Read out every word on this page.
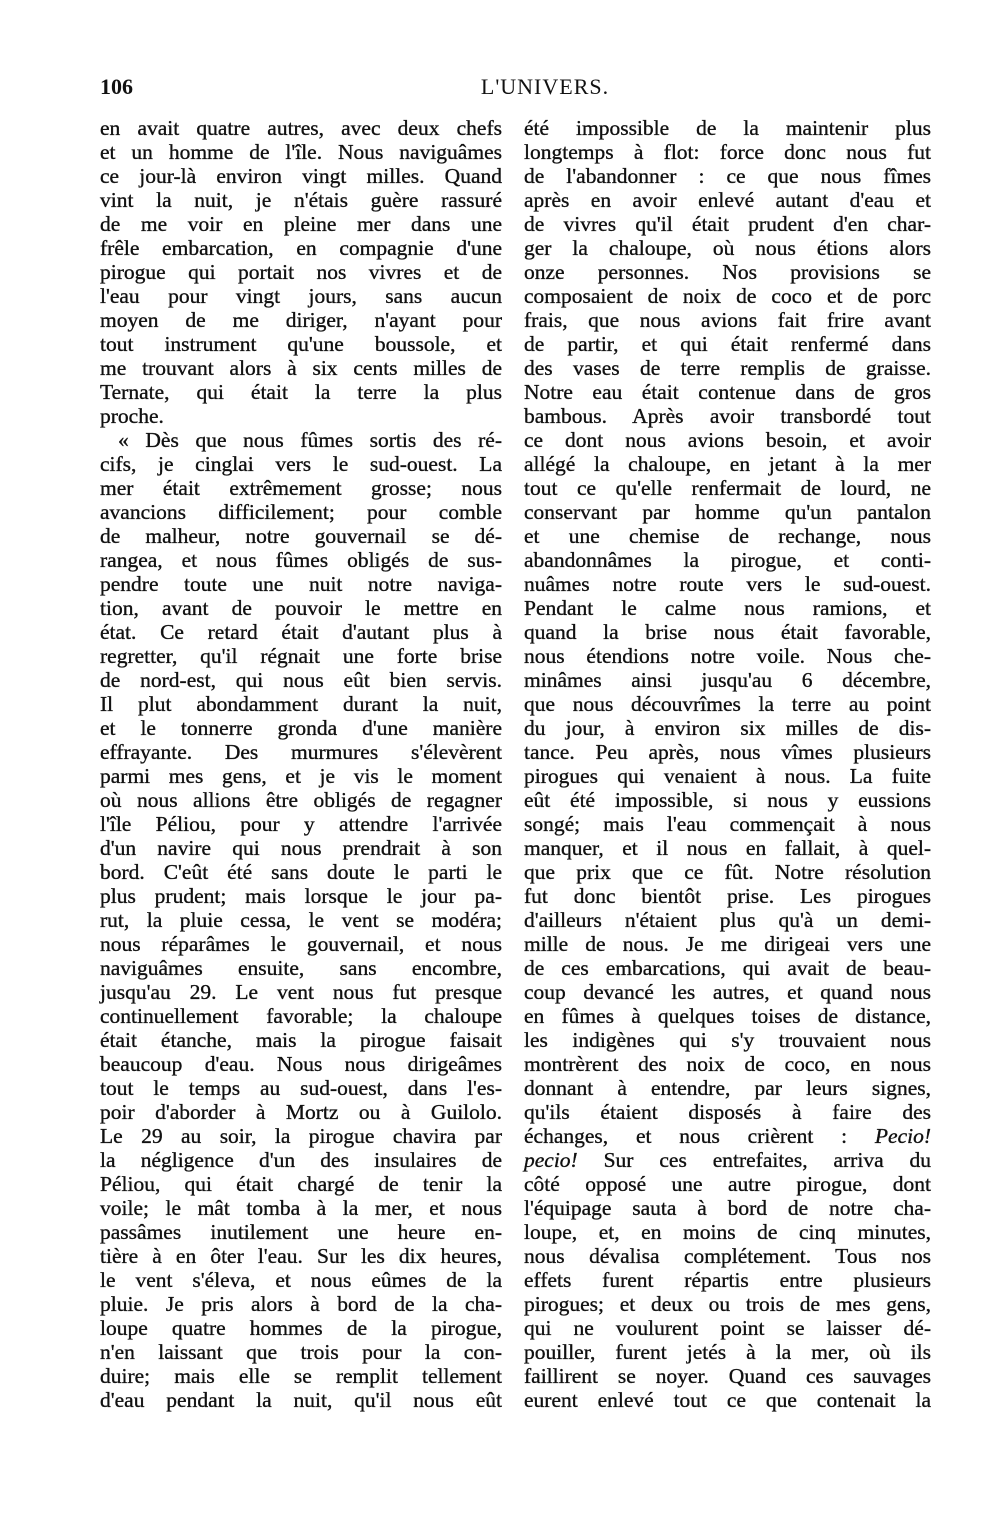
106	L'UNIVERS.
en avait quatre autres, avec deux chefs
et un homme de l'île. Nous naviguâmes
ce jour-là environ vingt milles. Quand
vint la nuit, je n'étais guère rassuré
de me voir en pleine mer dans une
frêle embarcation, en compagnie d'une
pirogue qui portait nos vivres et de
l'eau pour vingt jours, sans aucun
moyen de me diriger, n'ayant pour
tout instrument qu'une boussole, et
me trouvant alors à six cents milles de
Ternate, qui était la terre la plus
proche.
« Dès que nous fûmes sortis des ré-
cifs, je cinglai vers le sud-ouest. La
mer était extrêmement grosse; nous
avancions difficilement; pour comble
de malheur, notre gouvernail se dé-
rangea, et nous fûmes obligés de sus-
pendre toute une nuit notre naviga-
tion, avant de pouvoir le mettre en
état. Ce retard était d'autant plus à
regretter, qu'il régnait une forte brise
de nord-est, qui nous eût bien servis.
Il plut abondamment durant la nuit,
et le tonnerre gronda d'une manière
effrayante. Des murmures s'élevèrent
parmi mes gens, et je vis le moment
où nous allions être obligés de regagner
l'île Péliou, pour y attendre l'arrivée
d'un navire qui nous prendrait à son
bord. C'eût été sans doute le parti le
plus prudent; mais lorsque le jour pa-
rut, la pluie cessa, le vent se modéra;
nous réparâmes le gouvernail, et nous
naviguâmes ensuite, sans encombre,
jusqu'au 29. Le vent nous fut presque
continuellement favorable; la chaloupe
était étanche, mais la pirogue faisait
beaucoup d'eau. Nous nous dirigeâmes
tout le temps au sud-ouest, dans l'es-
poir d'aborder à Mortz ou à Guilolo.
Le 29 au soir, la pirogue chavira par
la négligence d'un des insulaires de
Péliou, qui était chargé de tenir la
voile; le mât tomba à la mer, et nous
passâmes inutilement une heure en-
tière à en ôter l'eau. Sur les dix heures,
le vent s'éleva, et nous eûmes de la
pluie. Je pris alors à bord de la cha-
loupe quatre hommes de la pirogue,
n'en laissant que trois pour la con-
duire; mais elle se remplit tellement
d'eau pendant la nuit, qu'il nous eût
été impossible de la maintenir plus
longtemps à flot: force donc nous fut
de l'abandonner : ce que nous fîmes
après en avoir enlevé autant d'eau et
de vivres qu'il était prudent d'en char-
ger la chaloupe, où nous étions alors
onze personnes. Nos provisions se
composaient de noix de coco et de porc
frais, que nous avions fait frire avant
de partir, et qui était renfermé dans
des vases de terre remplis de graisse.
Notre eau était contenue dans de gros
bambous. Après avoir transbordé tout
ce dont nous avions besoin, et avoir
allégé la chaloupe, en jetant à la mer
tout ce qu'elle renfermait de lourd, ne
conservant par homme qu'un pantalon
et une chemise de rechange, nous
abandonnâmes la pirogue, et conti-
nuâmes notre route vers le sud-ouest.
Pendant le calme nous ramions, et
quand la brise nous était favorable,
nous étendions notre voile. Nous che-
minâmes ainsi jusqu'au 6 décembre,
que nous découvrîmes la terre au point
du jour, à environ six milles de dis-
tance. Peu après, nous vîmes plusieurs
pirogues qui venaient à nous. La fuite
eût été impossible, si nous y eussions
songé; mais l'eau commençait à nous
manquer, et il nous en fallait, à quel-
que prix que ce fût. Notre résolution
fut donc bientôt prise. Les pirogues
d'ailleurs n'étaient plus qu'à un demi-
mille de nous. Je me dirigeai vers une
de ces embarcations, qui avait de beau-
coup devancé les autres, et quand nous
en fûmes à quelques toises de distance,
les indigènes qui s'y trouvaient nous
montrèrent des noix de coco, en nous
donnant à entendre, par leurs signes,
qu'ils étaient disposés à faire des
échanges, et nous crièrent : Pecio!
pecio! Sur ces entrefaites, arriva du
côté opposé une autre pirogue, dont
l'équipage sauta à bord de notre cha-
loupe, et, en moins de cinq minutes,
nous dévalisa complétement. Tous nos
effets furent répartis entre plusieurs
pirogues; et deux ou trois de mes gens,
qui ne voulurent point se laisser dé-
pouiller, furent jetés à la mer, où ils
faillirent se noyer. Quand ces sauvages
eurent enlevé tout ce que contenait la
